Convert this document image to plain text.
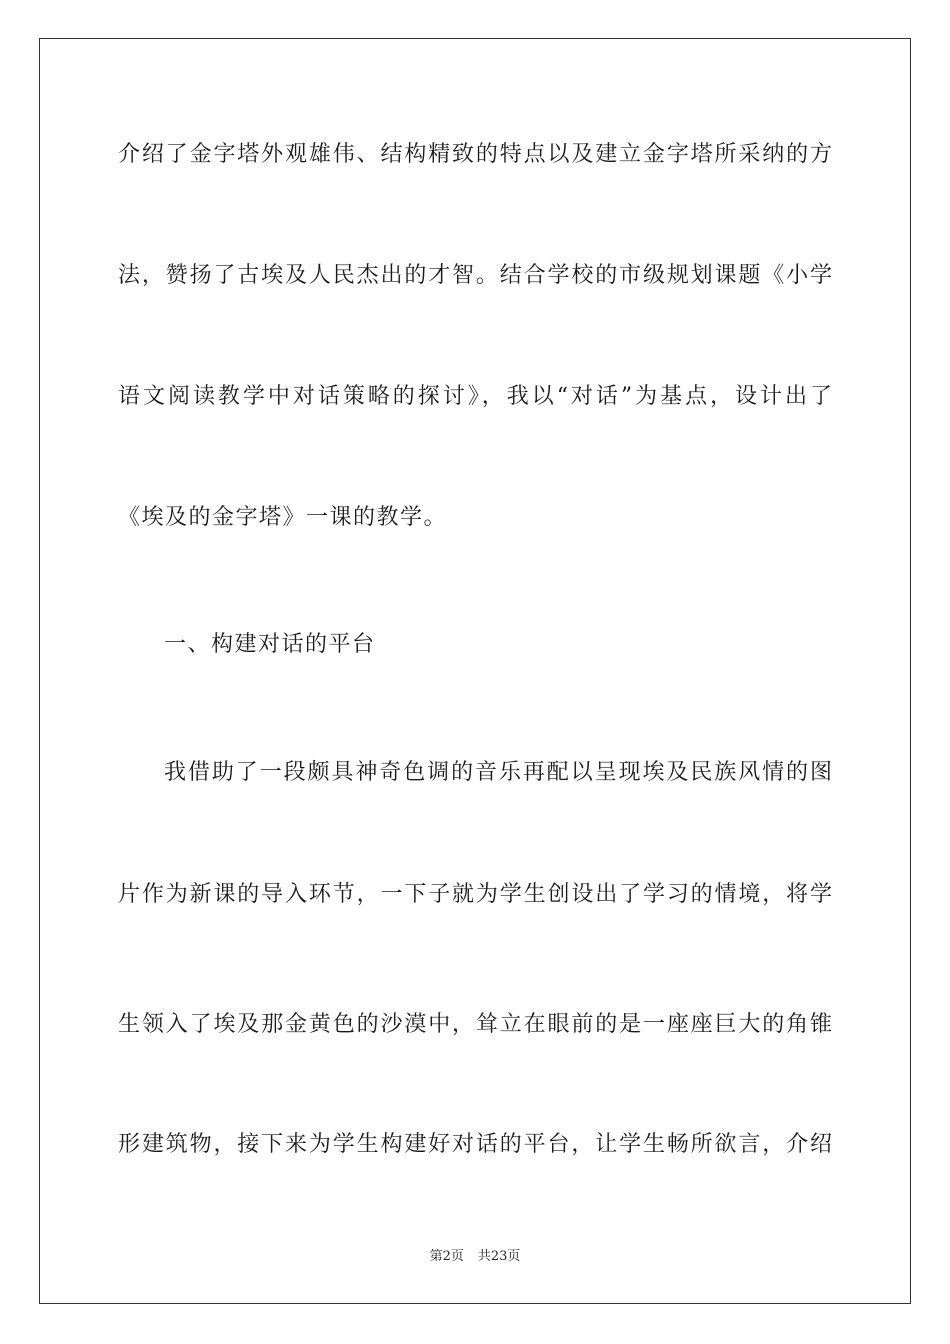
介绍了金字塔外观雄伟、结构精致的特点以及建立金字塔所采纳的方
法，赞扬了古埃及人民杰出的才智。结合学校的市级规划课题《小学
语文阅读教学中对话策略的探讨》，我以“对话”为基点，设计出了
《埃及的金字塔》一课的教学。
一、构建对话的平台
我借助了一段颇具神奇色调的音乐再配以呈现埃及民族风情的图
片作为新课的导入环节，一下子就为学生创设出了学习的情境，将学
生领入了埃及那金黄色的沙漠中，耸立在眼前的是一座座巨大的角锥
形建筑物，接下来为学生构建好对话的平台，让学生畅所欲言，介绍
第2页 共23页
